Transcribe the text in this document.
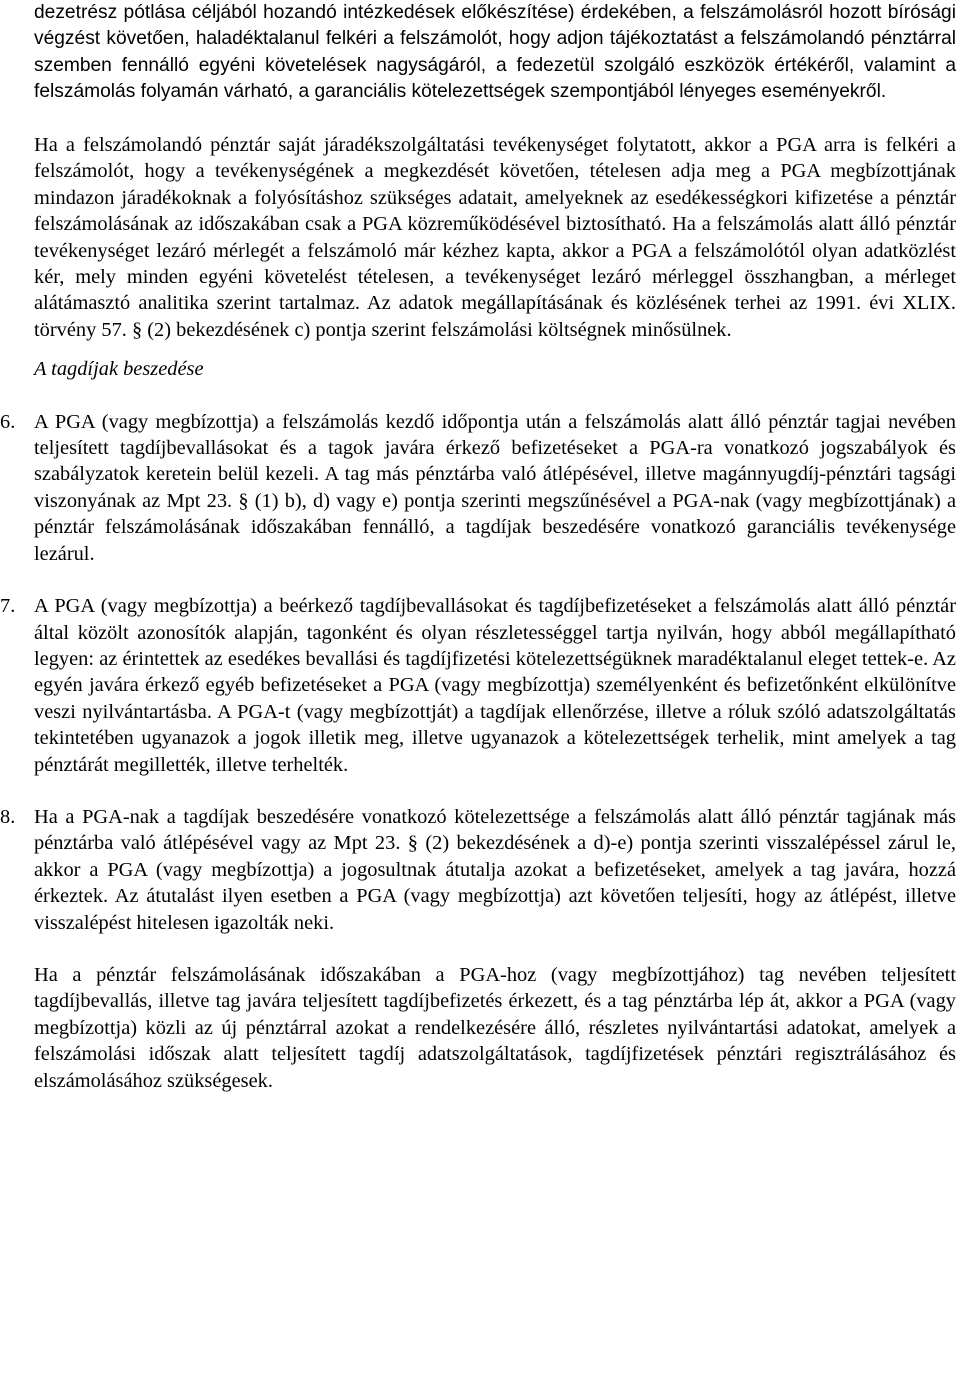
dezetrész pótlása céljából hozandó intézkedések előkészítése) érdekében, a felszámolásról hozott bírósági végzést követően, haladéktalanul felkéri a felszámolót, hogy adjon tájékoztatást a felszámolandó pénztárral szemben fennálló egyéni követelések nagyságáról, a fedezetül szolgáló eszközök értékéről, valamint a felszámolás folyamán várható, a garanciális kötelezettségek szempontjából lényeges eseményekről.

Ha a felszámolandó pénztár saját járadékszolgáltatási tevékenységet folytatott, akkor a PGA arra is felkéri a felszámolót, hogy a tevékenységének a megkezdését követően, tételesen adja meg a PGA megbízottjának mindazon járadékoknak a folyósításhoz szükséges adatait, amelyeknek az esedékességkori kifizetése a pénztár felszámolásának az időszakában csak a PGA közreműködésével biztosítható. Ha a felszámolás alatt álló pénztár tevékenységet lezáró mérlegét a felszámoló már kézhez kapta, akkor a PGA a felszámolótól olyan adatközlést kér, mely minden egyéni követelést tételesen, a tevékenységet lezáró mérleggel összhangban, a mérleget alátámasztó analitika szerint tartalmaz. Az adatok megállapításának és közlésének terhei az 1991. évi XLIX. törvény 57. § (2) bekezdésének c) pontja szerint felszámolási költségnek minősülnek.

A tagdíjak beszedése

6. A PGA (vagy megbízottja) a felszámolás kezdő időpontja után a felszámolás alatt álló pénztár tagjai nevében teljesített tagdíjbevallásokat és a tagok javára érkező befizetéseket a PGA-ra vonatkozó jogszabályok és szabályzatok keretein belül kezeli. A tag más pénztárba való átlépésével, illetve magánnyugdíj-pénztári tagsági viszonyának az Mpt 23. § (1) b), d) vagy e) pontja szerinti megszűnésével a PGA-nak (vagy megbízottjának) a pénztár felszámolásának időszakában fennálló, a tagdíjak beszedésére vonatkozó garanciális tevékenysége lezárul.
7. A PGA (vagy megbízottja) a beérkező tagdíjbevallásokat és tagdíjbefizetéseket a felszámolás alatt álló pénztár által közölt azonosítók alapján, tagonként és olyan részletességgel tartja nyilván, hogy abból megállapítható legyen: az érintettek az esedékes bevallási és tagdíjfizetési kötelezettségüknek maradéktalanul eleget tettek-e. Az egyén javára érkező egyéb befizetéseket a PGA (vagy megbízottja) személyenként és befizetőnként elkülönítve veszi nyilvántartásba. A PGA-t (vagy megbízottját) a tagdíjak ellenőrzése, illetve a róluk szóló adatszolgáltatás tekintetében ugyanazok a jogok illetik meg, illetve ugyanazok a kötelezettségek terhelik, mint amelyek a tag pénztárát megillették, illetve terhelték.
8. Ha a PGA-nak a tagdíjak beszedésére vonatkozó kötelezettsége a felszámolás alatt álló pénztár tagjának más pénztárba való átlépésével vagy az Mpt 23. § (2) bekezdésének a d)-e) pontja szerinti visszalépéssel zárul le, akkor a PGA (vagy megbízottja) a jogosultnak átutalja azokat a befizetéseket, amelyek a tag javára, hozzá érkeztek. Az átutalást ilyen esetben a PGA (vagy megbízottja) azt követően teljesíti, hogy az átlépést, illetve visszalépést hitelesen igazolták neki.

Ha a pénztár felszámolásának időszakában a PGA-hoz (vagy megbízottjához) tag nevében teljesített tagdíjbevallás, illetve tag javára teljesített tagdíjbefizetés érkezett, és a tag pénztárba lép át, akkor a PGA (vagy megbízottja) közli az új pénztárral azokat a rendelkezésére álló, részletes nyilvántartási adatokat, amelyek a felszámolási időszak alatt teljesített tagdíj adatszolgáltatások, tagdíjfizetések pénztári regisztrálásához és elszámolásához szükségesek.
